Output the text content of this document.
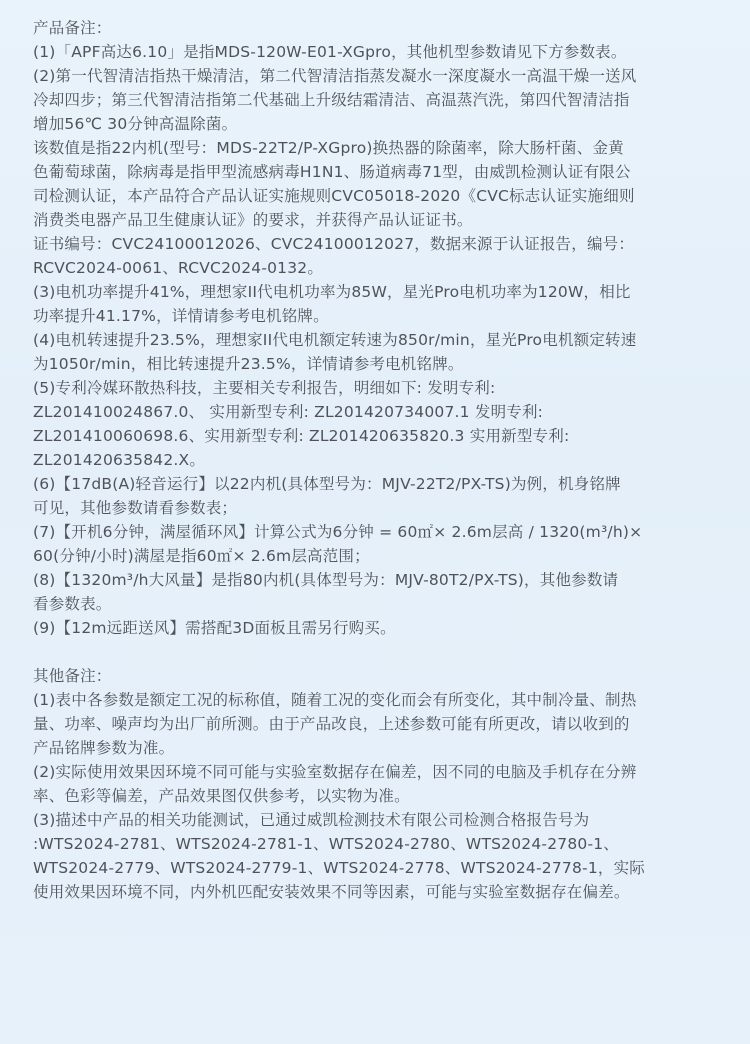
产品备注：
(1)「APF高达6.10」是指MDS-120W-E01-XGpro，其他机型参数请见下方参数表。
(2)第一代智清洁指热干燥清洁，第二代智清洁指蒸发凝水一深度凝水一高温干燥一送风
冷却四步；第三代智清洁指第二代基础上升级结霜清洁、高温蒸汽洗，第四代智清洁指
增加56℃ 30分钟高温除菌。
该数值是指22内机(型号：MDS-22T2/P-XGpro)换热器的除菌率，除大肠杆菌、金黄
色葡萄球菌，除病毒是指甲型流感病毒H1N1、肠道病毒71型，由威凯检测认证有限公
司检测认证，本产品符合产品认证实施规则CVC05018-2020《CVC标志认证实施细则
消费类电器产品卫生健康认证》的要求，并获得产品认证证书。
证书编号：CVC24100012026、CVC24100012027，数据来源于认证报告，编号：
RCVC2024-0061、RCVC2024-0132。
(3)电机功率提升41%，理想家II代电机功率为85W，星光Pro电机功率为120W，相比
功率提升41.17%，详情请参考电机铭牌。
(4)电机转速提升23.5%，理想家II代电机额定转速为850r/min，星光Pro电机额定转速
为1050r/min，相比转速提升23.5%，详情请参考电机铭牌。
(5)专利冷媒环散热科技，主要相关专利报告，明细如下: 发明专利:
ZL201410024867.0、 实用新型专利: ZL201420734007.1 发明专利:
ZL201410060698.6、实用新型专利: ZL201420635820.3 实用新型专利:
ZL201420635842.X。
(6)【17dB(A)轻音运行】以22内机(具体型号为：MJV-22T2/PX-TS)为例，机身铭牌
可见，其他参数请看参数表；
(7)【开机6分钟，满屋循环风】计算公式为6分钟 = 60㎡× 2.6m层高 / 1320(m³/h)×
60(分钟/小时)满屋是指60㎡× 2.6m层高范围；
(8)【1320m³/h大风量】是指80内机(具体型号为：MJV-80T2/PX-TS)，其他参数请
看参数表。
(9)【12m远距送风】需搭配3D面板且需另行购买。
其他备注：
(1)表中各参数是额定工况的标称值，随着工况的变化而会有所变化，其中制冷量、制热
量、功率、噪声均为出厂前所测。由于产品改良，上述参数可能有所更改，请以收到的
产品铭牌参数为准。
(2)实际使用效果因环境不同可能与实验室数据存在偏差，因不同的电脑及手机存在分辨
率、色彩等偏差，产品效果图仅供参考，以实物为准。
(3)描述中产品的相关功能测试，已通过威凯检测技术有限公司检测合格报告号为
:WTS2024-2781、WTS2024-2781-1、WTS2024-2780、WTS2024-2780-1、
WTS2024-2779、WTS2024-2779-1、WTS2024-2778、WTS2024-2778-1，实际
使用效果因环境不同，内外机匹配安装效果不同等因素，可能与实验室数据存在偏差。
